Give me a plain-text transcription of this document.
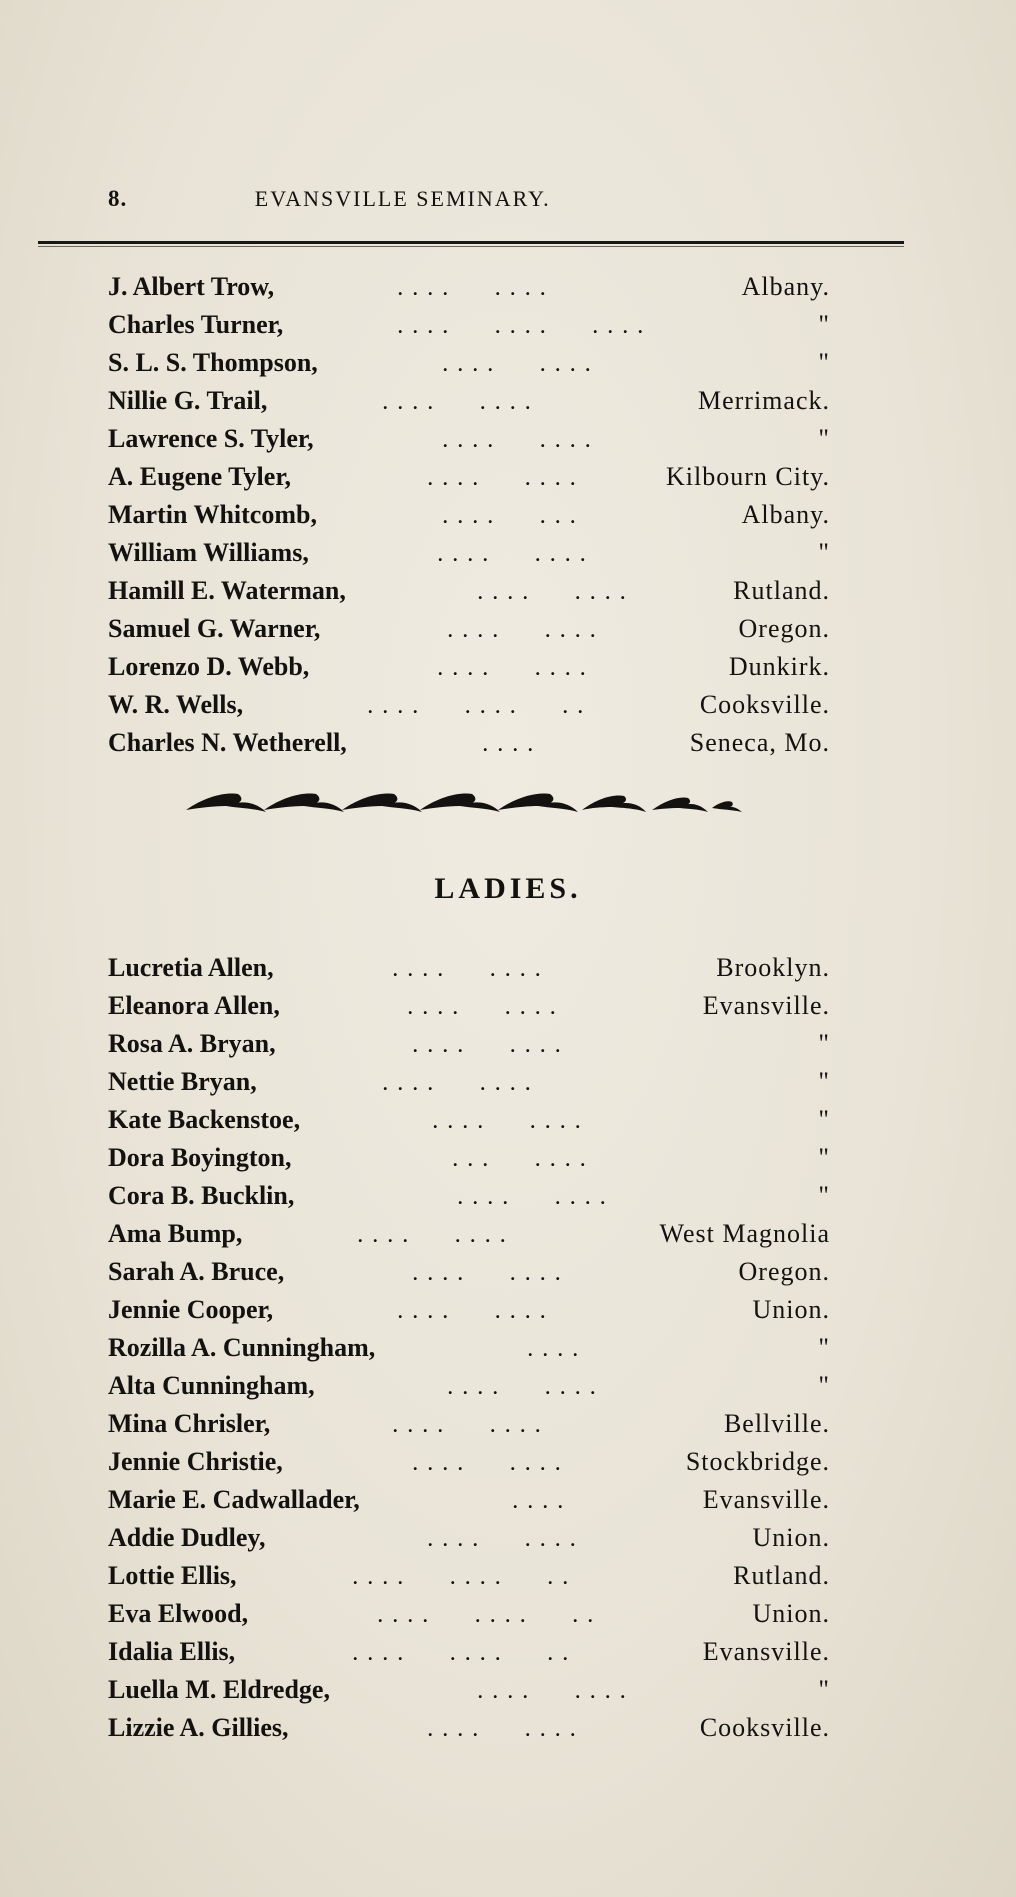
8.	EVANSVILLE SEMINARY.
J. Albert Trow,	. . . .      . . . .	Albany.
Charles Turner,	. . . .      . . . .      . . . .	"
S. L. S. Thompson,	. . . .      . . . .	"
Nillie G. Trail,	. . . .      . . . .	Merrimack.
Lawrence S. Tyler,	. . . .      . . . .	"
A. Eugene Tyler,	. . . .      . . . .	Kilbourn City.
Martin Whitcomb,	. . . .      . . .	Albany.
William Williams,	. . . .      . . . .	"
Hamill E. Waterman,	. . . .      . . . .	Rutland.
Samuel G. Warner,	. . . .      . . . .	Oregon.
Lorenzo D. Webb,	. . . .      . . . .	Dunkirk.
W. R. Wells,	. . . .      . . . .      . .	Cooksville.
Charles N. Wetherell,	. . . .	Seneca, Mo.
LADIES.
Lucretia Allen,	. . . .      . . . .	Brooklyn.
Eleanora Allen,	. . . .      . . . .	Evansville.
Rosa A. Bryan,	. . . .      . . . .	"
Nettie Bryan,	. . . .      . . . .	"
Kate Backenstoe,	. . . .      . . . .	"
Dora Boyington,	. . .      . . . .	"
Cora B. Bucklin,	. . . .      . . . .	"
Ama Bump,	. . . .      . . . .	West Magnolia
Sarah A. Bruce,	. . . .      . . . .	Oregon.
Jennie Cooper,	. . . .      . . . .	Union.
Rozilla A. Cunningham,	. . . .	"
Alta Cunningham,	. . . .      . . . .	"
Mina Chrisler,	. . . .      . . . .	Bellville.
Jennie Christie,	. . . .      . . . .	Stockbridge.
Marie E. Cadwallader,	. . . .	Evansville.
Addie Dudley,	. . . .      . . . .	Union.
Lottie Ellis,	. . . .      . . . .      . .	Rutland.
Eva Elwood,	. . . .      . . . .      . .	Union.
Idalia Ellis,	. . . .      . . . .      . .	Evansville.
Luella M. Eldredge,	. . . .      . . . .	"
Lizzie A. Gillies,	. . . .      . . . .	Cooksville.
